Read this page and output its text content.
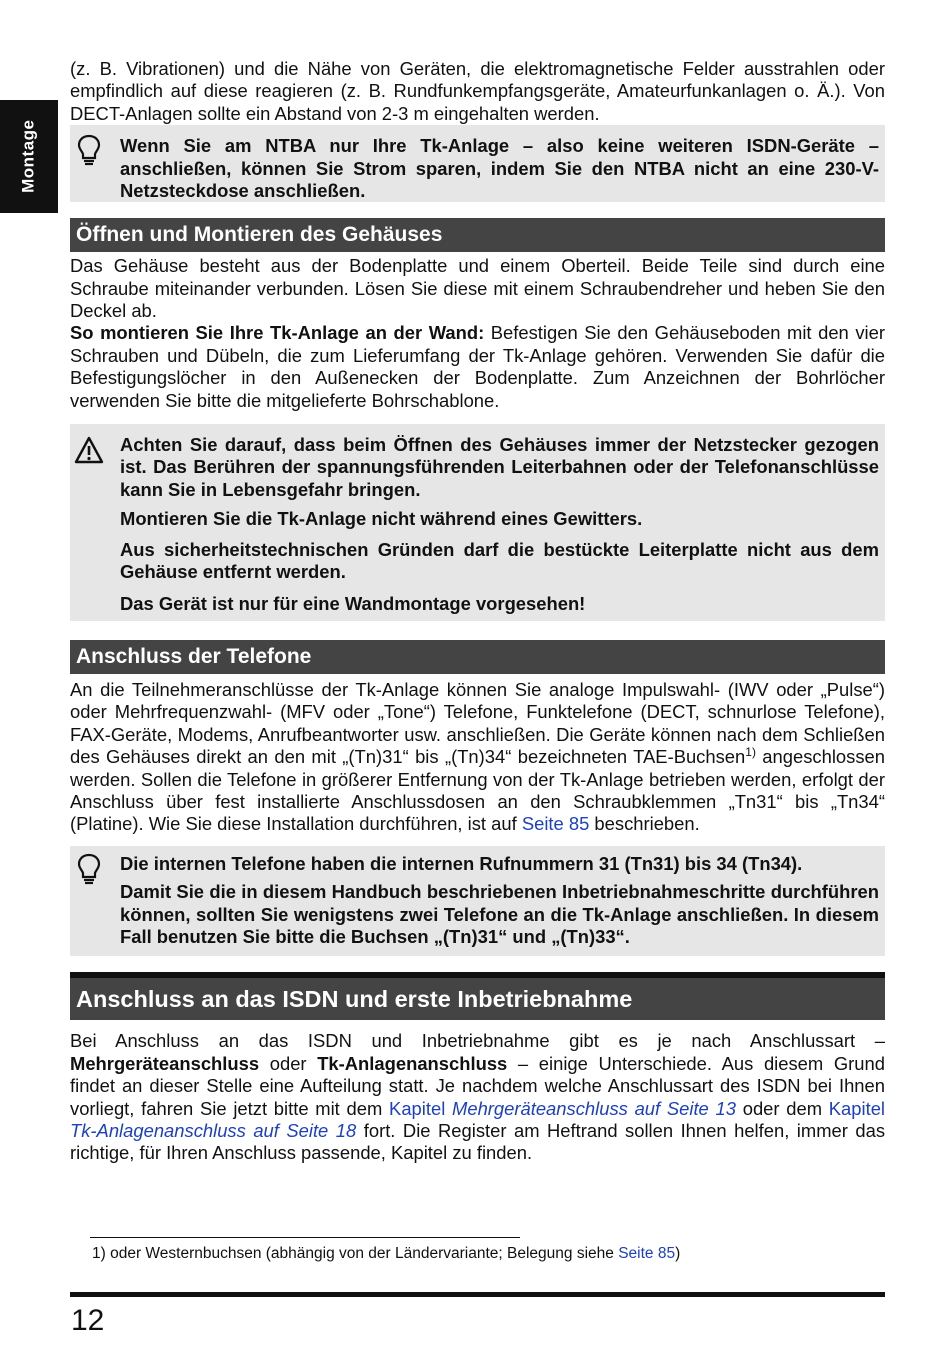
Montage

(z. B. Vibrationen) und die Nähe von Geräten, die elektromagnetische Felder ausstrahlen oder empfindlich auf diese reagieren (z. B. Rundfunkempfangsgeräte, Amateurfunkanlagen o. Ä.). Von DECT-Anlagen sollte ein Abstand von 2-3 m eingehalten werden.

Wenn Sie am NTBA nur Ihre Tk-Anlage – also keine weiteren ISDN-Geräte – anschließen, können Sie Strom sparen, indem Sie den NTBA nicht an eine 230-V-Netzsteckdose anschließen.

Öffnen und Montieren des Gehäuses

Das Gehäuse besteht aus der Bodenplatte und einem Oberteil. Beide Teile sind durch eine Schraube miteinander verbunden. Lösen Sie diese mit einem Schraubendreher und heben Sie den Deckel ab.

So montieren Sie Ihre Tk-Anlage an der Wand: Befestigen Sie den Gehäuseboden mit den vier Schrauben und Dübeln, die zum Lieferumfang der Tk-Anlage gehören. Verwenden Sie dafür die Befestigungslöcher in den Außenecken der Bodenplatte. Zum Anzeichnen der Bohrlöcher verwenden Sie bitte die mitgelieferte Bohrschablone.

Achten Sie darauf, dass beim Öffnen des Gehäuses immer der Netzstecker gezogen ist. Das Berühren der spannungsführenden Leiterbahnen oder der Telefonanschlüsse kann Sie in Lebensgefahr bringen.

Montieren Sie die Tk-Anlage nicht während eines Gewitters.

Aus sicherheitstechnischen Gründen darf die bestückte Leiterplatte nicht aus dem Gehäuse entfernt werden.

Das Gerät ist nur für eine Wandmontage vorgesehen!

Anschluss der Telefone

An die Teilnehmeranschlüsse der Tk-Anlage können Sie analoge Impulswahl- (IWV oder „Pulse“) oder Mehrfrequenzwahl- (MFV oder „Tone“) Telefone, Funktelefone (DECT, schnurlose Telefone), FAX-Geräte, Modems, Anrufbeantworter usw. anschließen. Die Geräte können nach dem Schließen des Gehäuses direkt an den mit „(Tn)31“ bis „(Tn)34“ bezeichneten TAE-Buchsen$^{1)}$ angeschlossen werden. Sollen die Telefone in größerer Entfernung von der Tk-Anlage betrieben werden, erfolgt der Anschluss über fest installierte Anschlussdosen an den Schraubklemmen „Tn31“ bis „Tn34“ (Platine). Wie Sie diese Installation durchführen, ist auf Seite 85 beschrieben.

Die internen Telefone haben die internen Rufnummern 31 (Tn31) bis 34 (Tn34).

Damit Sie die in diesem Handbuch beschriebenen Inbetriebnahmeschritte durchführen können, sollten Sie wenigstens zwei Telefone an die Tk-Anlage anschließen. In diesem Fall benutzen Sie bitte die Buchsen „(Tn)31“ und „(Tn)33“.

Anschluss an das ISDN und erste Inbetriebnahme

Bei Anschluss an das ISDN und Inbetriebnahme gibt es je nach Anschlussart – Mehrgeräteanschluss oder Tk-Anlagenanschluss – einige Unterschiede. Aus diesem Grund findet an dieser Stelle eine Aufteilung statt. Je nachdem welche Anschlussart des ISDN bei Ihnen vorliegt, fahren Sie jetzt bitte mit dem Kapitel Mehrgeräteanschluss auf Seite 13 oder dem Kapitel Tk-Anlagenanschluss auf Seite 18 fort. Die Register am Heftrand sollen Ihnen helfen, immer das richtige, für Ihren Anschluss passende, Kapitel zu finden.

1) oder Westernbuchsen (abhängig von der Ländervariante; Belegung siehe Seite 85)
12
